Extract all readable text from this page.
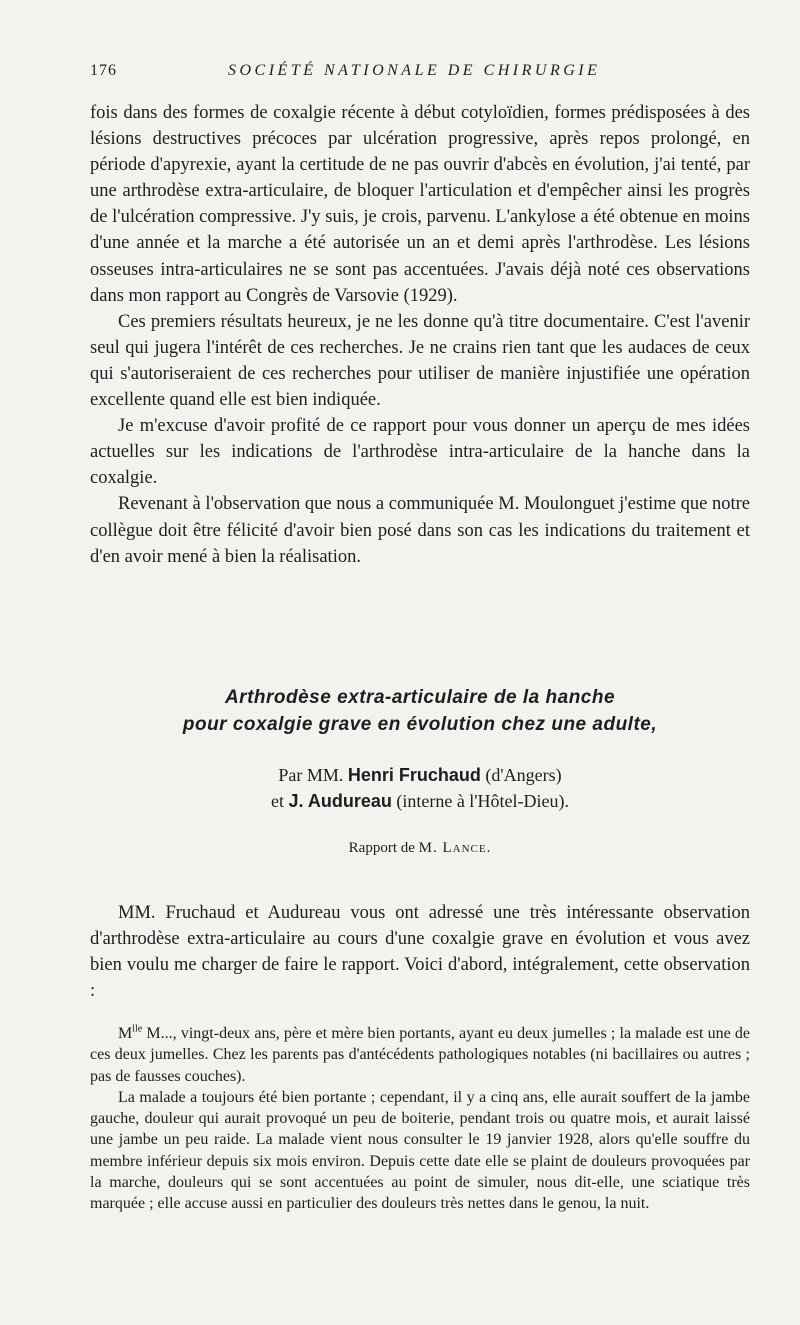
176	SOCIÉTÉ NATIONALE DE CHIRURGIE

fois dans des formes de coxalgie récente à début cotyloïdien, formes prédisposées à des lésions destructives précoces par ulcération progressive, après repos prolongé, en période d'apyrexie, ayant la certitude de ne pas ouvrir d'abcès en évolution, j'ai tenté, par une arthrodèse extra-articulaire, de bloquer l'articulation et d'empêcher ainsi les progrès de l'ulcération compressive. J'y suis, je crois, parvenu. L'ankylose a été obtenue en moins d'une année et la marche a été autorisée un an et demi après l'arthrodèse. Les lésions osseuses intra-articulaires ne se sont pas accentuées. J'avais déjà noté ces observations dans mon rapport au Congrès de Varsovie (1929).

Ces premiers résultats heureux, je ne les donne qu'à titre documentaire. C'est l'avenir seul qui jugera l'intérêt de ces recherches. Je ne crains rien tant que les audaces de ceux qui s'autoriseraient de ces recherches pour utiliser de manière injustifiée une opération excellente quand elle est bien indiquée.

Je m'excuse d'avoir profité de ce rapport pour vous donner un aperçu de mes idées actuelles sur les indications de l'arthrodèse intra-articulaire de la hanche dans la coxalgie.

Revenant à l'observation que nous a communiquée M. Moulonguet j'estime que notre collègue doit être félicité d'avoir bien posé dans son cas les indications du traitement et d'en avoir mené à bien la réalisation.

Arthrodèse extra-articulaire de la hanche
pour coxalgie grave en évolution chez une adulte,
Par MM. Henri Fruchaud (d'Angers)
et J. Audureau (interne à l'Hôtel-Dieu).
Rapport de M. Lance.

MM. Fruchaud et Audureau vous ont adressé une très intéressante observation d'arthrodèse extra-articulaire au cours d'une coxalgie grave en évolution et vous avez bien voulu me charger de faire le rapport. Voici d'abord, intégralement, cette observation :

$M^{lle}$ M..., vingt-deux ans, père et mère bien portants, ayant eu deux jumelles ; la malade est une de ces deux jumelles. Chez les parents pas d'antécédents pathologiques notables (ni bacillaires ou autres ; pas de fausses couches).

La malade a toujours été bien portante ; cependant, il y a cinq ans, elle aurait souffert de la jambe gauche, douleur qui aurait provoqué un peu de boiterie, pendant trois ou quatre mois, et aurait laissé une jambe un peu raide. La malade vient nous consulter le 19 janvier 1928, alors qu'elle souffre du membre inférieur depuis six mois environ. Depuis cette date elle se plaint de douleurs provoquées par la marche, douleurs qui se sont accentuées au point de simuler, nous dit-elle, une sciatique très marquée ; elle accuse aussi en particulier des douleurs très nettes dans le genou, la nuit.
